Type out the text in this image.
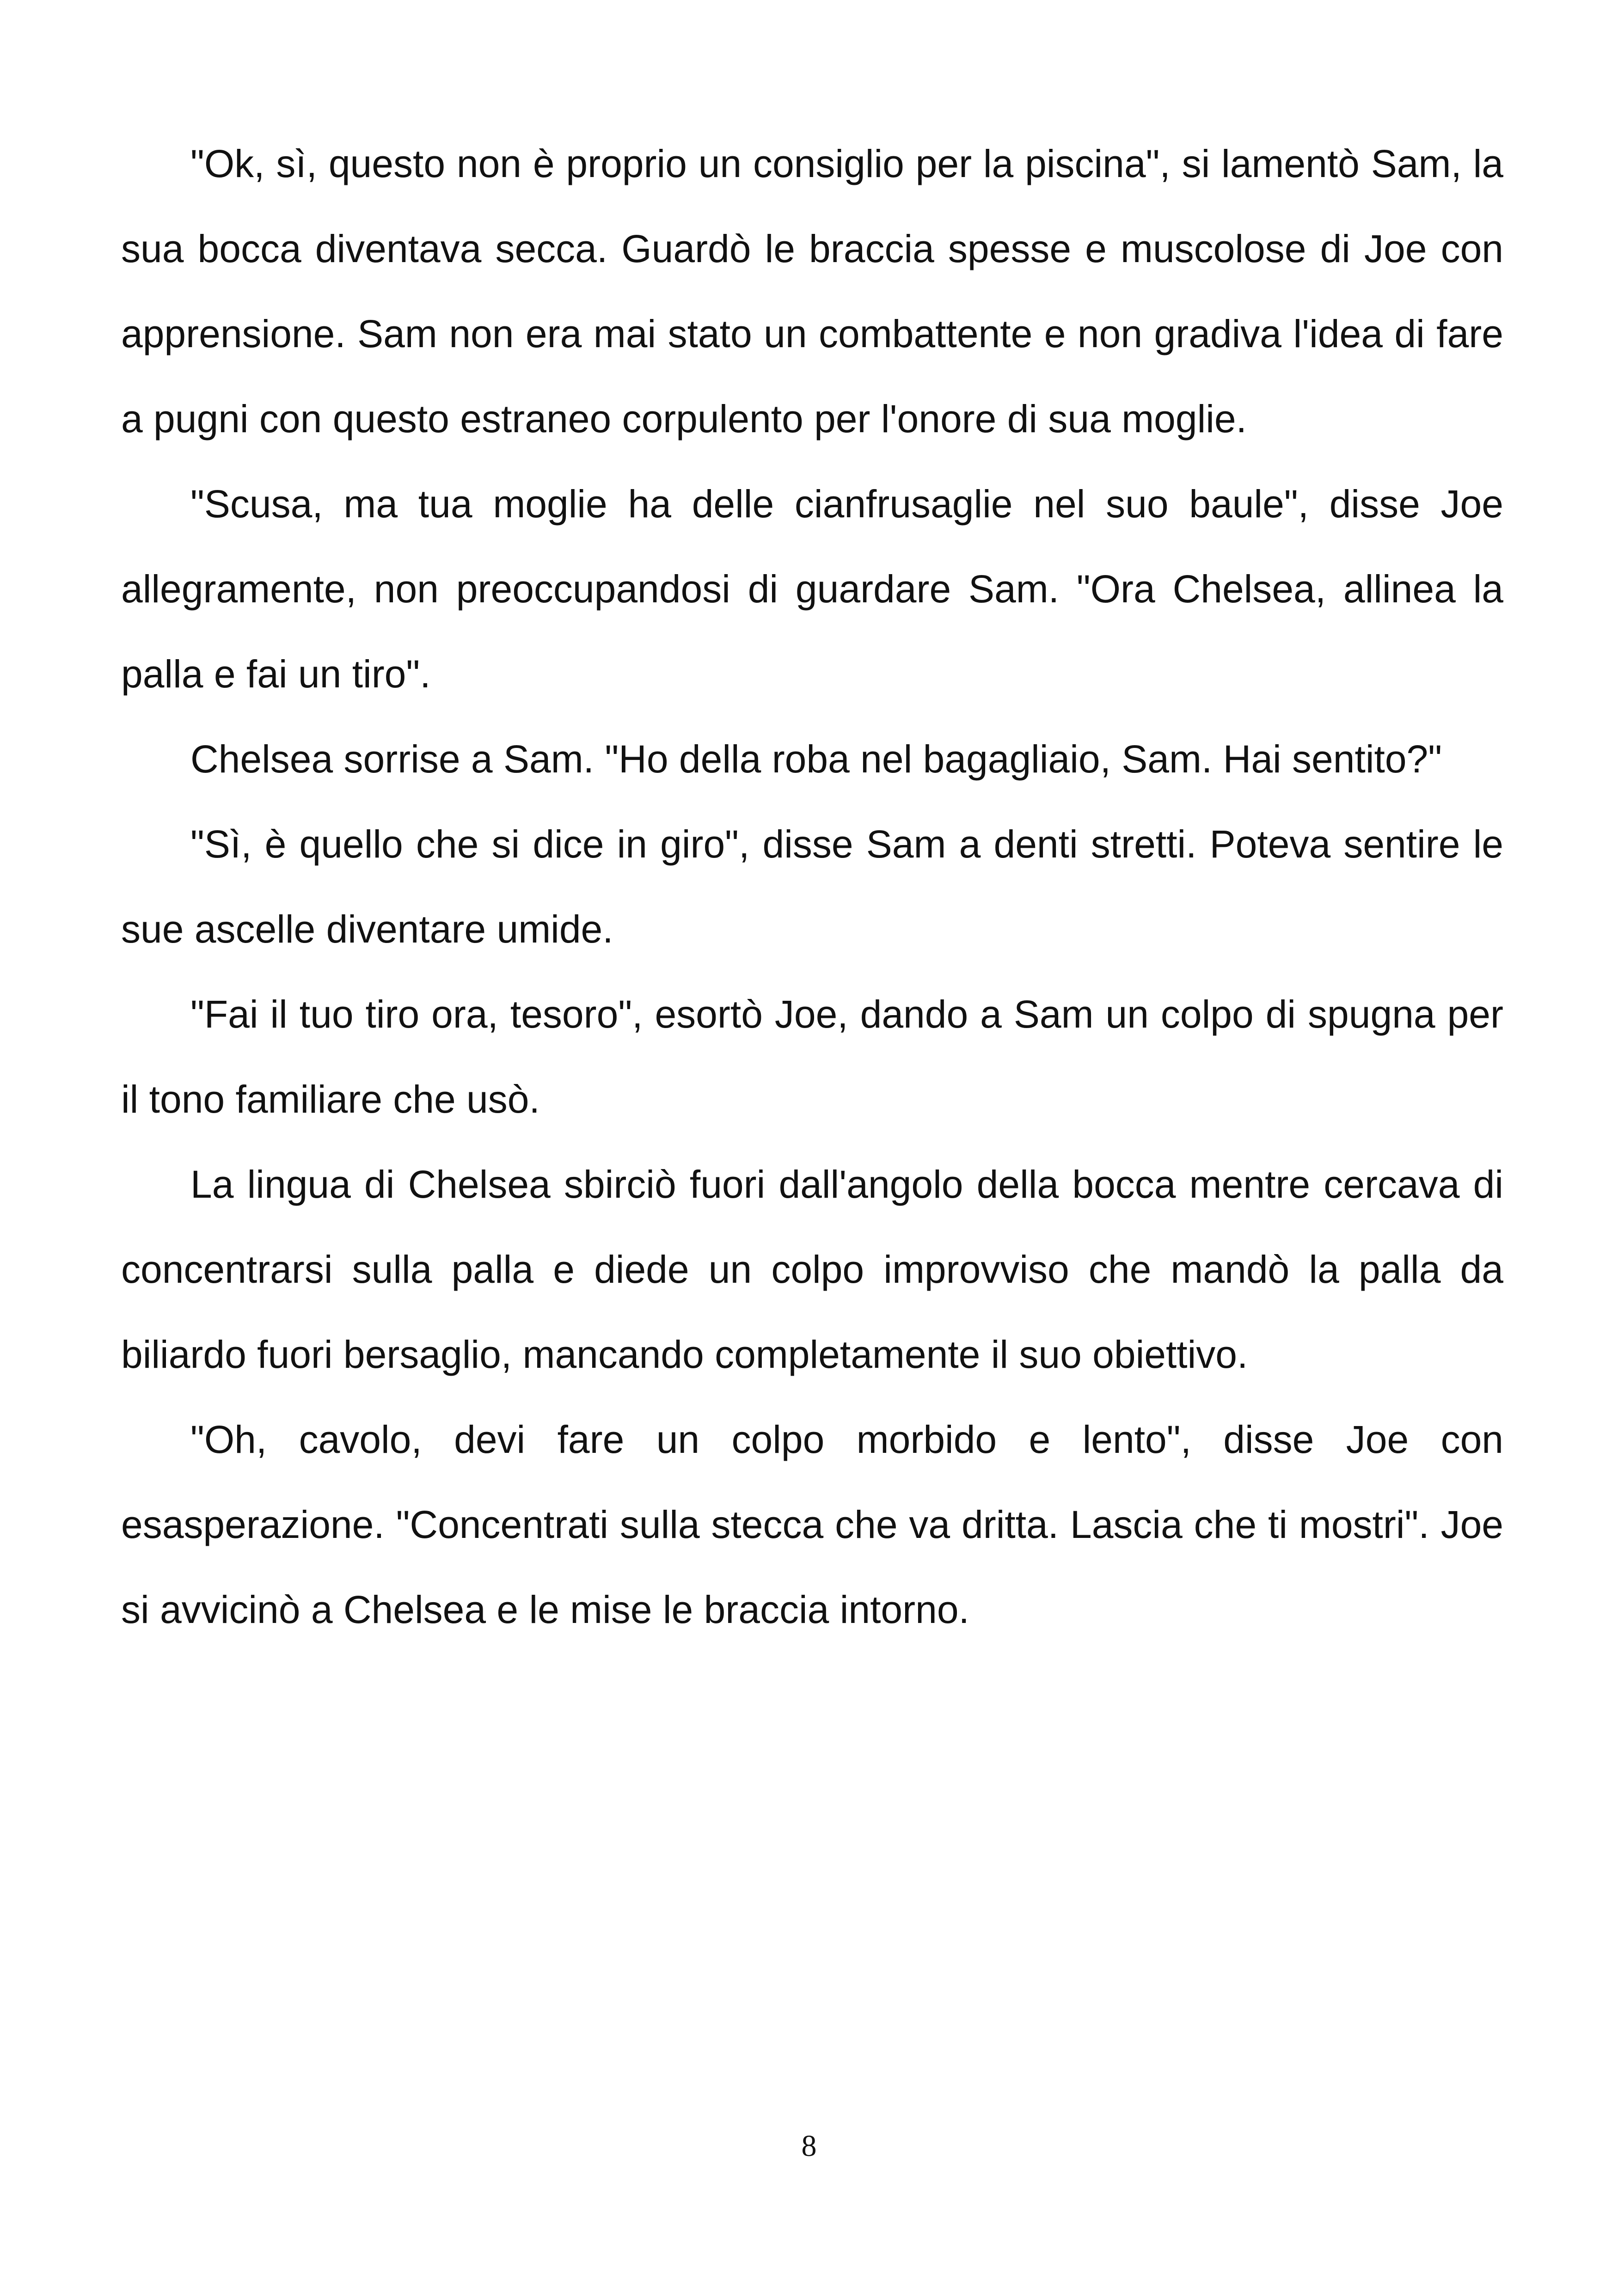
"Ok, sì, questo non è proprio un consiglio per la piscina", si lamentò Sam, la sua bocca diventava secca. Guardò le braccia spesse e muscolose di Joe con apprensione. Sam non era mai stato un combattente e non gradiva l'idea di fare a pugni con questo estraneo corpulento per l'onore di sua moglie.

"Scusa, ma tua moglie ha delle cianfrusaglie nel suo baule", disse Joe allegramente, non preoccupandosi di guardare Sam. "Ora Chelsea, allinea la palla e fai un tiro".

Chelsea sorrise a Sam. "Ho della roba nel bagagliaio, Sam. Hai sentito?"

"Sì, è quello che si dice in giro", disse Sam a denti stretti. Poteva sentire le sue ascelle diventare umide.

"Fai il tuo tiro ora, tesoro", esortò Joe, dando a Sam un colpo di spugna per il tono familiare che usò.

La lingua di Chelsea sbirciò fuori dall'angolo della bocca mentre cercava di concentrarsi sulla palla e diede un colpo improvviso che mandò la palla da biliardo fuori bersaglio, mancando completamente il suo obiettivo.

"Oh, cavolo, devi fare un colpo morbido e lento", disse Joe con esasperazione. "Concentrati sulla stecca che va dritta. Lascia che ti mostri". Joe si avvicinò a Chelsea e le mise le braccia intorno.

8
